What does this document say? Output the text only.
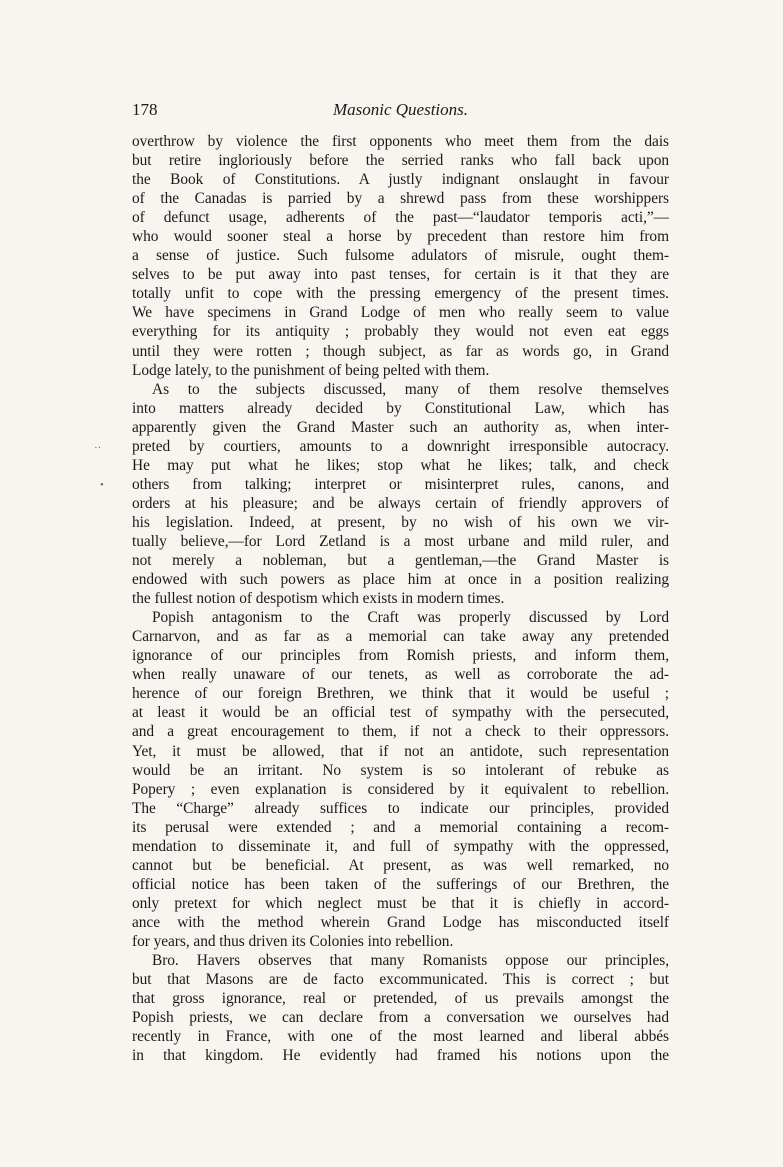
178	Masonic Questions.
··
•
overthrow by violence the first opponents who meet them from the dais
but retire ingloriously before the serried ranks who fall back upon
the Book of Constitutions. A justly indignant onslaught in favour
of the Canadas is parried by a shrewd pass from these worshippers
of defunct usage, adherents of the past—“laudator temporis acti,”—
who would sooner steal a horse by precedent than restore him from
a sense of justice. Such fulsome adulators of misrule, ought them-
selves to be put away into past tenses, for certain is it that they are
totally unfit to cope with the pressing emergency of the present times.
We have specimens in Grand Lodge of men who really seem to value
everything for its antiquity ; probably they would not even eat eggs
until they were rotten ; though subject, as far as words go, in Grand
Lodge lately, to the punishment of being pelted with them.
As to the subjects discussed, many of them resolve themselves
into matters already decided by Constitutional Law, which has
apparently given the Grand Master such an authority as, when inter-
preted by courtiers, amounts to a downright irresponsible autocracy.
He may put what he likes; stop what he likes; talk, and check
others from talking; interpret or misinterpret rules, canons, and
orders at his pleasure; and be always certain of friendly approvers of
his legislation. Indeed, at present, by no wish of his own we vir-
tually believe,—for Lord Zetland is a most urbane and mild ruler, and
not merely a nobleman, but a gentleman,—the Grand Master is
endowed with such powers as place him at once in a position realizing
the fullest notion of despotism which exists in modern times.
Popish antagonism to the Craft was properly discussed by Lord
Carnarvon, and as far as a memorial can take away any pretended
ignorance of our principles from Romish priests, and inform them,
when really unaware of our tenets, as well as corroborate the ad-
herence of our foreign Brethren, we think that it would be useful ;
at least it would be an official test of sympathy with the persecuted,
and a great encouragement to them, if not a check to their oppressors.
Yet, it must be allowed, that if not an antidote, such representation
would be an irritant. No system is so intolerant of rebuke as
Popery ; even explanation is considered by it equivalent to rebellion.
The “Charge” already suffices to indicate our principles, provided
its perusal were extended ; and a memorial containing a recom-
mendation to disseminate it, and full of sympathy with the oppressed,
cannot but be beneficial. At present, as was well remarked, no
official notice has been taken of the sufferings of our Brethren, the
only pretext for which neglect must be that it is chiefly in accord-
ance with the method wherein Grand Lodge has misconducted itself
for years, and thus driven its Colonies into rebellion.
Bro. Havers observes that many Romanists oppose our principles,
but that Masons are de facto excommunicated. This is correct ; but
that gross ignorance, real or pretended, of us prevails amongst the
Popish priests, we can declare from a conversation we ourselves had
recently in France, with one of the most learned and liberal abbés
in that kingdom. He evidently had framed his notions upon the
